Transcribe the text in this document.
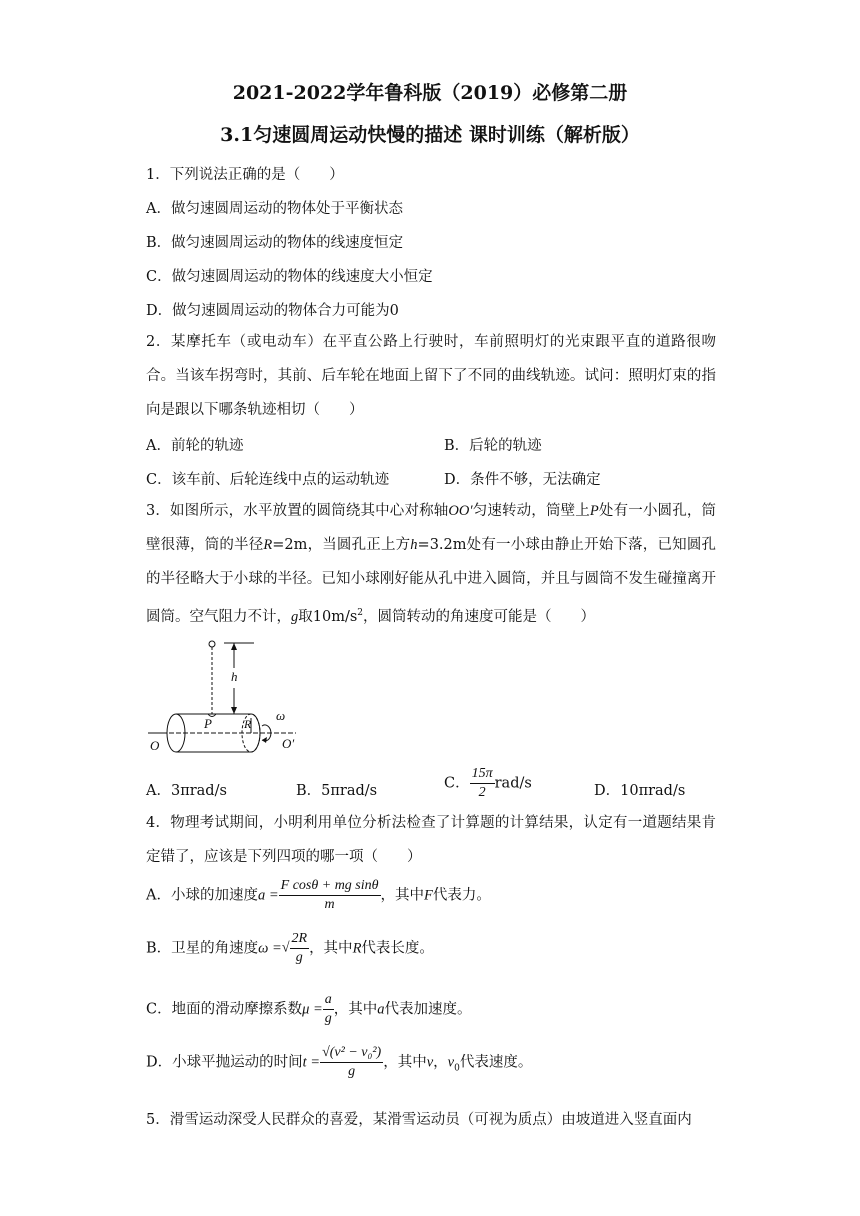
2021-2022学年鲁科版（2019）必修第二册
3.1匀速圆周运动快慢的描述 课时训练（解析版）
1．下列说法正确的是（　　）
A．做匀速圆周运动的物体处于平衡状态
B．做匀速圆周运动的物体的线速度恒定
C．做匀速圆周运动的物体的线速度大小恒定
D．做匀速圆周运动的物体合力可能为0
2．某摩托车（或电动车）在平直公路上行驶时，车前照明灯的光束跟平直的道路很吻合。当该车拐弯时，其前、后车轮在地面上留下了不同的曲线轨迹。试问：照明灯束的指向是跟以下哪条轨迹相切（　　）
A．前轮的轨迹	B．后轮的轨迹
C．该车前、后轮连线中点的运动轨迹	D．条件不够，无法确定
3．如图所示，水平放置的圆筒绕其中心对称轴OO′匀速转动，筒壁上P处有一小圆孔，筒壁很薄，筒的半径R=2m，当圆孔正上方h=3.2m处有一小球由静止开始下落，已知圆孔的半径略大于小球的半径。已知小球刚好能从孔中进入圆筒，并且与圆筒不发生碰撞离开圆筒。空气阻力不计，g取$10m/s^2$，圆筒转动的角速度可能是（　　）
h
P	R
ω
O	O′
A．3πrad/s	B．5πrad/s	C． $\frac{15\pi}{2} rad/s$	D．10πrad/s
4．物理考试期间，小明利用单位分析法检查了计算题的计算结果，认定有一道题结果肯定错了，应该是下列四项的哪一项（　　）
A．小球的加速度$a = \frac{\text{F cosθ + mg sinθ}}{m}$ ，其中F代表力。
B．卫星的角速度ω =√ $\frac{2R}{g}$ ，其中R代表长度。
C．地面的滑动摩擦系数$\mu = \frac{a}{g}$ ，其中a代表加速度。
D．小球平抛运动的时间$t = \frac{\text{√(v² − v₀²)}}{g}$ ，其中v，$v_0$代表速度。
5．滑雪运动深受人民群众的喜爱，某滑雪运动员（可视为质点）由坡道进入竖直面内
